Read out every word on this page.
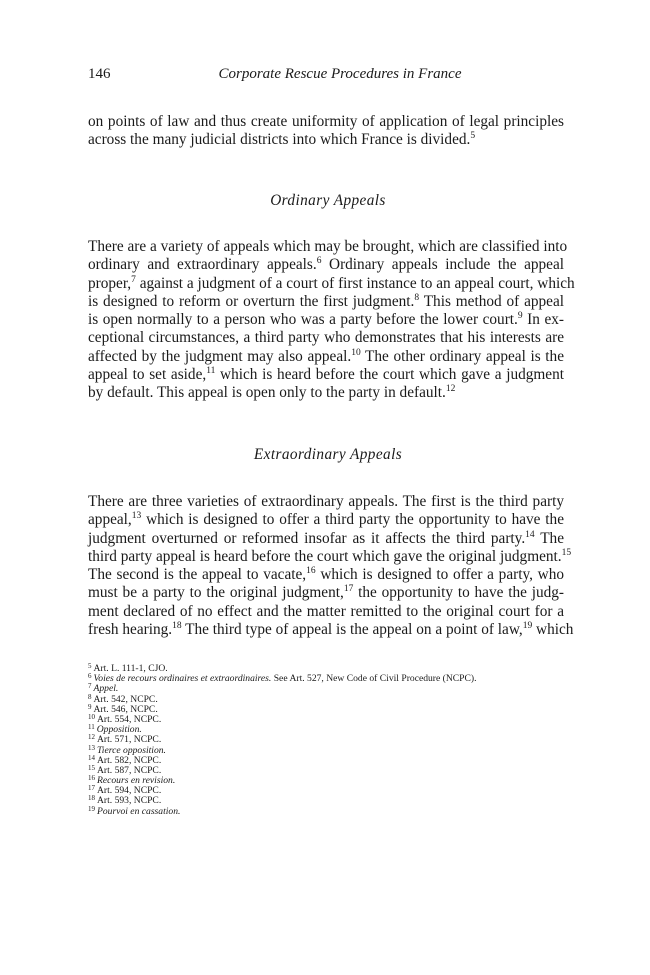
146	Corporate Rescue Procedures in France
on points of law and thus create uniformity of application of legal principles
across the many judicial districts into which France is divided.$^5$
Ordinary Appeals
There are a variety of appeals which may be brought, which are classified into
ordinary and extraordinary appeals.$^6$ Ordinary appeals include the appeal
proper,$^7$ against a judgment of a court of first instance to an appeal court, which
is designed to reform or overturn the first judgment.$^8$ This method of appeal
is open normally to a person who was a party before the lower court.$^9$ In ex-
ceptional circumstances, a third party who demonstrates that his interests are
affected by the judgment may also appeal.$^{10}$ The other ordinary appeal is the
appeal to set aside,$^{11}$ which is heard before the court which gave a judgment
by default. This appeal is open only to the party in default.$^{12}$
Extraordinary Appeals
There are three varieties of extraordinary appeals. The first is the third party
appeal,$^{13}$ which is designed to offer a third party the opportunity to have the
judgment overturned or reformed insofar as it affects the third party.$^{14}$ The
third party appeal is heard before the court which gave the original judgment.$^{15}$
The second is the appeal to vacate,$^{16}$ which is designed to offer a party, who
must be a party to the original judgment,$^{17}$ the opportunity to have the judg-
ment declared of no effect and the matter remitted to the original court for a
fresh hearing.$^{18}$ The third type of appeal is the appeal on a point of law,$^{19}$ which
$^5$ Art. L. 111-1, CJO.
$^6$ Voies de recours ordinaires et extraordinaires. See Art. 527, New Code of Civil Procedure (NCPC).
$^7$ Appel.
$^8$ Art. 542, NCPC.
$^9$ Art. 546, NCPC.
$^{10}$ Art. 554, NCPC.
$^{11}$ Opposition.
$^{12}$ Art. 571, NCPC.
$^{13}$ Tierce opposition.
$^{14}$ Art. 582, NCPC.
$^{15}$ Art. 587, NCPC.
$^{16}$ Recours en revision.
$^{17}$ Art. 594, NCPC.
$^{18}$ Art. 593, NCPC.
$^{19}$ Pourvoi en cassation.
